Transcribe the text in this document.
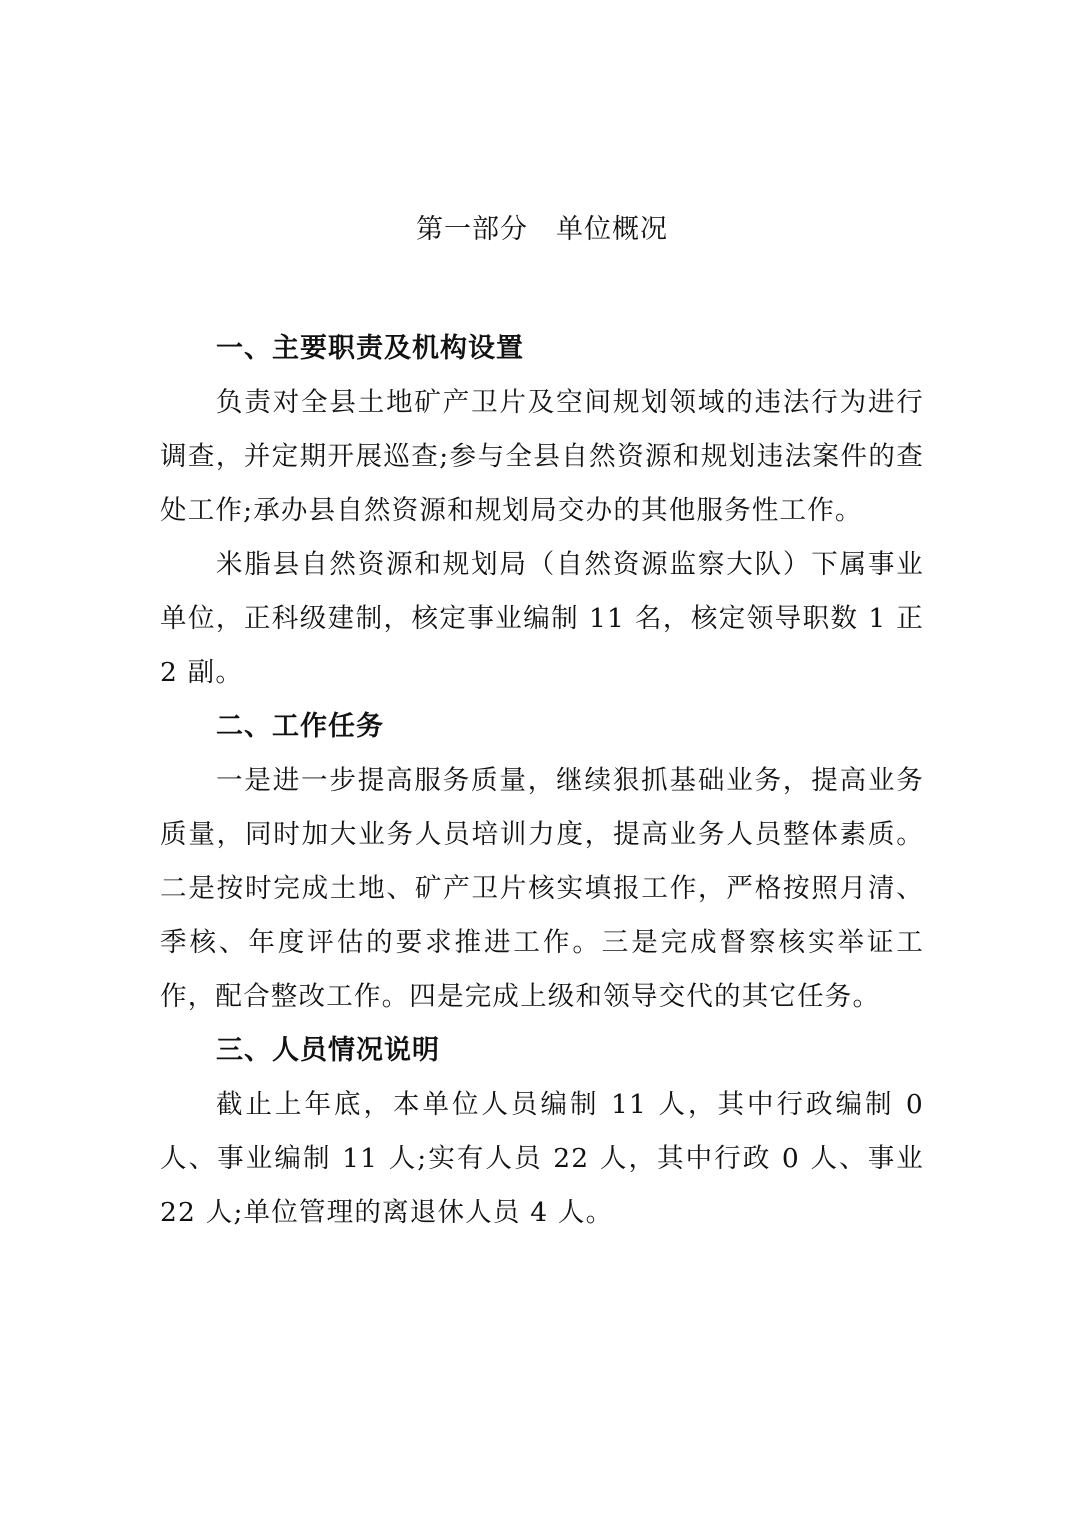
第一部分　单位概况
一、主要职责及机构设置

负责对全县土地矿产卫片及空间规划领域的违法行为进行调查，并定期开展巡查;参与全县自然资源和规划违法案件的查处工作;承办县自然资源和规划局交办的其他服务性工作。

米脂县自然资源和规划局（自然资源监察大队）下属事业单位，正科级建制，核定事业编制 11 名，核定领导职数 1 正 2 副。

二、工作任务

一是进一步提高服务质量，继续狠抓基础业务，提高业务质量，同时加大业务人员培训力度，提高业务人员整体素质。二是按时完成土地、矿产卫片核实填报工作，严格按照月清、季核、年度评估的要求推进工作。三是完成督察核实举证工作，配合整改工作。四是完成上级和领导交代的其它任务。

三、人员情况说明

截止上年底，本单位人员编制 11 人，其中行政编制 0 人、事业编制 11 人;实有人员 22 人，其中行政 0 人、事业 22 人;单位管理的离退休人员 4 人。
